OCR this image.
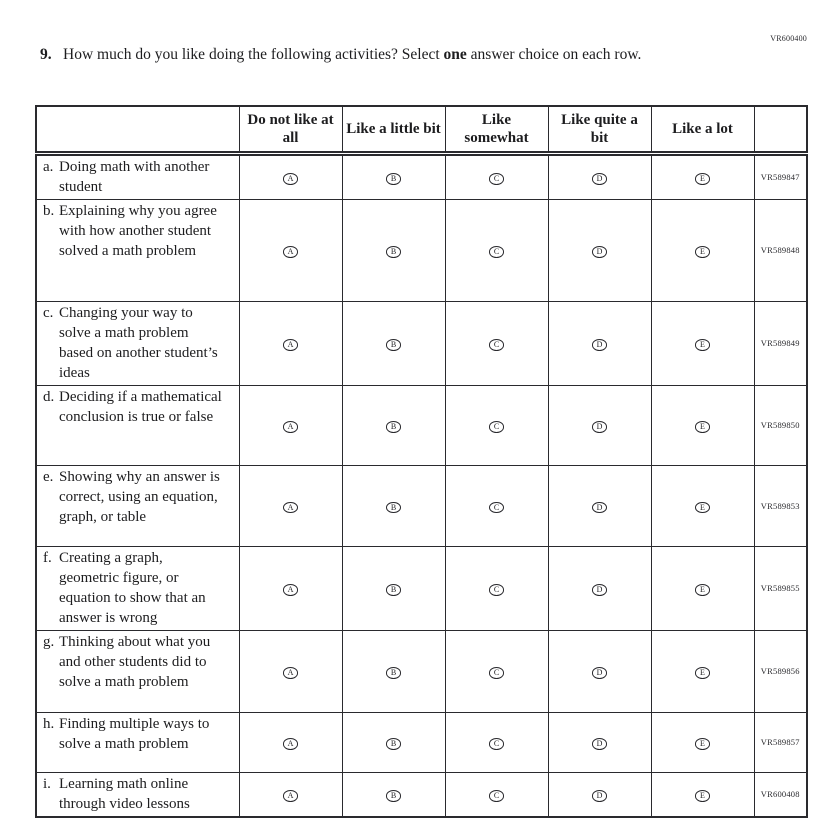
VR600400
9. How much do you like doing the following activities? Select one answer choice on each row.
	Do not like at all	Like a little bit	Like somewhat	Like quite a bit	Like a lot	

a. Doing math with another student	A	B	C	D	E	VR589847

b. Explaining why you agree with how another student solved a math problem	A	B	C	D	E	VR589848

c. Changing your way to solve a math problem based on another student’s ideas	A	B	C	D	E	VR589849

d. Deciding if a mathematical conclusion is true or false	A	B	C	D	E	VR589850

e. Showing why an answer is correct, using an equation, graph, or table	A	B	C	D	E	VR589853

f. Creating a graph, geometric figure, or equation to show that an answer is wrong	A	B	C	D	E	VR589855

g. Thinking about what you and other students did to solve a math problem	A	B	C	D	E	VR589856

h. Finding multiple ways to solve a math problem	A	B	C	D	E	VR589857

i. Learning math online through video lessons	A	B	C	D	E	VR600408
